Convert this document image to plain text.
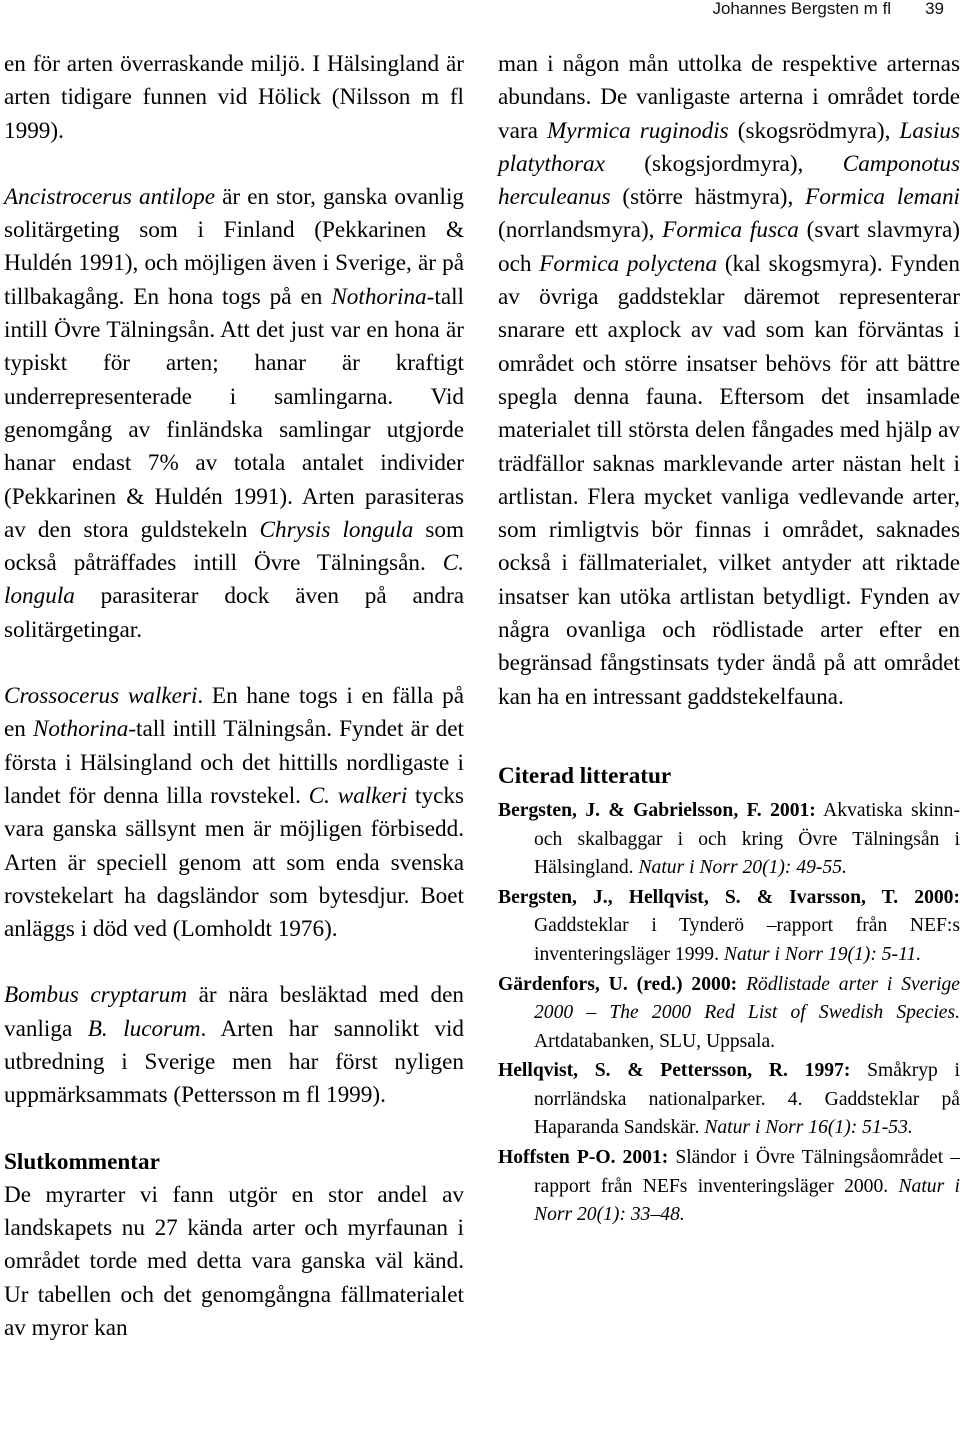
Johannes Bergsten m fl 39

en för arten överraskande miljö. I Hälsingland är arten tidigare funnen vid Hölick (Nilsson m fl 1999).

Ancistrocerus antilope är en stor, ganska ovanlig solitärgeting som i Finland (Pekkarinen & Huldén 1991), och möjligen även i Sverige, är på tillbakagång. En hona togs på en Nothorina-tall intill Övre Tälningsån. Att det just var en hona är typiskt för arten; hanar är kraftigt underrepresenterade i samlingarna. Vid genomgång av finländska samlingar utgjorde hanar endast 7% av totala antalet individer (Pekkarinen & Huldén 1991). Arten parasiteras av den stora guldstekeln Chrysis longula som också påträffades intill Övre Tälningsån. C. longula parasiterar dock även på andra solitärgetingar.

Crossocerus walkeri. En hane togs i en fälla på en Nothorina-tall intill Tälningsån. Fyndet är det första i Hälsingland och det hittills nordligaste i landet för denna lilla rovstekel. C. walkeri tycks vara ganska sällsynt men är möjligen förbisedd. Arten är speciell genom att som enda svenska rovstekelart ha dagsländor som bytesdjur. Boet anläggs i död ved (Lomholdt 1976).

Bombus cryptarum är nära besläktad med den vanliga B. lucorum. Arten har sannolikt vid utbredning i Sverige men har först nyligen uppmärksammats (Pettersson m fl 1999).

Slutkommentar

De myrarter vi fann utgör en stor andel av landskapets nu 27 kända arter och myrfaunan i området torde med detta vara ganska väl känd. Ur tabellen och det genomgångna fällmaterialet av myror kan

man i någon mån uttolka de respektive arternas abundans. De vanligaste arterna i området torde vara Myrmica ruginodis (skogsrödmyra), Lasius platythorax (skogsjordmyra), Camponotus herculeanus (större hästmyra), Formica lemani (norrlandsmyra), Formica fusca (svart slavmyra) och Formica polyctena (kal skogsmyra). Fynden av övriga gaddsteklar däremot representerar snarare ett axplock av vad som kan förväntas i området och större insatser behövs för att bättre spegla denna fauna. Eftersom det insamlade materialet till största delen fångades med hjälp av trädfällor saknas marklevande arter nästan helt i artlistan. Flera mycket vanliga vedlevande arter, som rimligtvis bör finnas i området, saknades också i fällmaterialet, vilket antyder att riktade insatser kan utöka artlistan betydligt. Fynden av några ovanliga och rödlistade arter efter en begränsad fångstinsats tyder ändå på att området kan ha en intressant gaddstekelfauna.

Citerad litteratur

Bergsten, J. & Gabrielsson, F. 2001: Akvatiska skinn- och skalbaggar i och kring Övre Tälningsån i Hälsingland. Natur i Norr 20(1): 49-55.

Bergsten, J., Hellqvist, S. & Ivarsson, T. 2000: Gaddsteklar i Tynderö –rapport från NEF:s inventeringsläger 1999. Natur i Norr 19(1): 5-11.

Gärdenfors, U. (red.) 2000: Rödlistade arter i Sverige 2000 – The 2000 Red List of Swedish Species. Artdatabanken, SLU, Uppsala.

Hellqvist, S. & Pettersson, R. 1997: Småkryp i norrländska nationalparker. 4. Gaddsteklar på Haparanda Sandskär. Natur i Norr 16(1): 51-53.

Hoffsten P-O. 2001: Sländor i Övre Tälningsåområdet – rapport från NEFs inventeringsläger 2000. Natur i Norr 20(1): 33–48.
